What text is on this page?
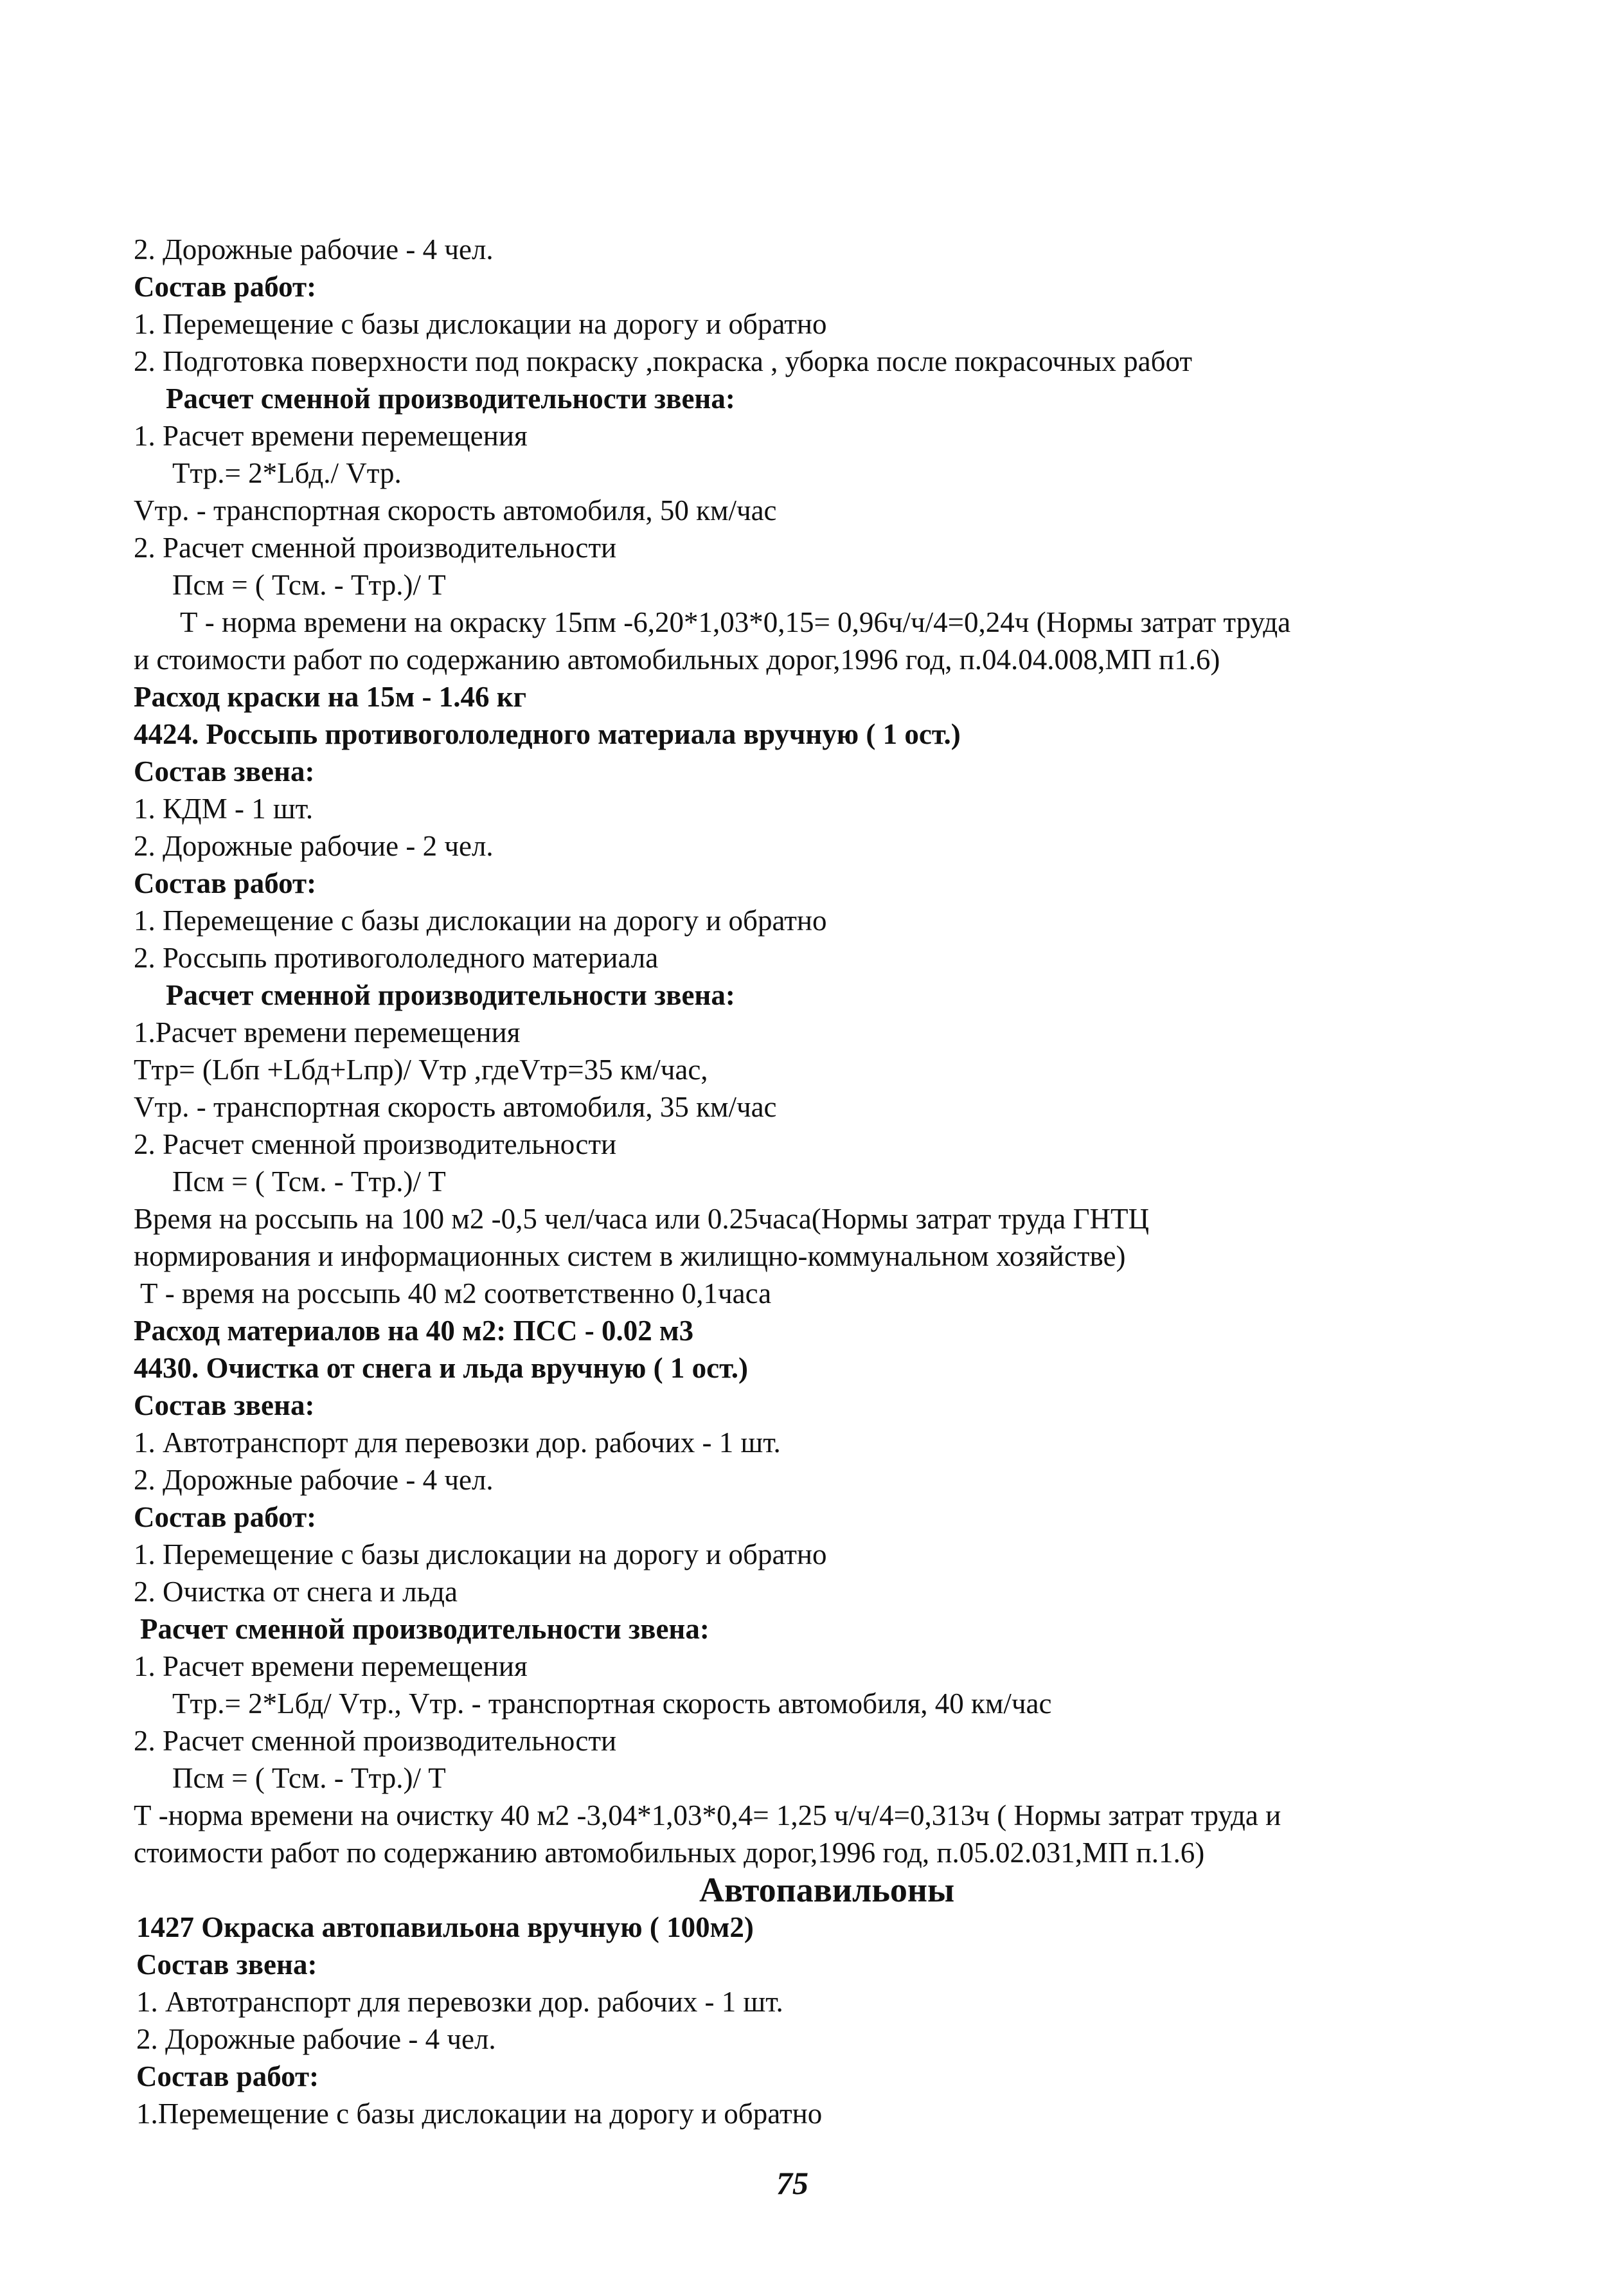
2. Дорожные рабочие - 4 чел.
Состав работ:
1. Перемещение с базы дислокации на дорогу и обратно
2. Подготовка поверхности под покраску ,покраска , уборка после покрасочных работ
Расчет сменной производительности звена:
1. Расчет времени перемещения
Ттр.= 2*Lбд./ Vтр.
Vтр. - транспортная скорость автомобиля, 50 км/час
2. Расчет сменной производительности
Псм = ( Тсм. - Ттр.)/ Т
Т - норма времени на окраску 15пм -6,20*1,03*0,15= 0,96ч/ч/4=0,24ч (Нормы затрат труда
и стоимости работ по содержанию автомобильных дорог,1996 год, п.04.04.008,МП п1.6)
Расход краски на 15м - 1.46 кг
4424. Россыпь противогололедного материала вручную ( 1 ост.)
Состав звена:
1. КДМ - 1 шт.
2. Дорожные рабочие - 2 чел.
Состав работ:
1. Перемещение с базы дислокации на дорогу и обратно
2. Россыпь противогололедного материала
Расчет сменной производительности звена:
1.Расчет времени перемещения
Ттр= (Lбп +Lбд+Lпр)/ Vтр ,гдеVтр=35 км/час,
Vтр. - транспортная скорость автомобиля, 35 км/час
2. Расчет сменной производительности
Псм = ( Тсм. - Ттр.)/ Т
Время на россыпь на 100 м2 -0,5 чел/часа или 0.25часа(Нормы затрат труда ГНТЦ
нормирования и информационных систем в жилищно-коммунальном хозяйстве)
Т - время на россыпь 40 м2 соответственно 0,1часа
Расход материалов на 40 м2: ПСС - 0.02 м3
4430. Очистка от снега и льда вручную ( 1 ост.)
Состав звена:
1. Автотранспорт для перевозки дор. рабочих - 1 шт.
2. Дорожные рабочие - 4 чел.
Состав работ:
1. Перемещение с базы дислокации на дорогу и обратно
2. Очистка от снега и льда
Расчет сменной производительности звена:
1. Расчет времени перемещения
Ттр.= 2*Lбд/ Vтр., Vтр. - транспортная скорость автомобиля, 40 км/час
2. Расчет сменной производительности
Псм = ( Тсм. - Ттр.)/ Т
Т -норма времени на очистку 40 м2 -3,04*1,03*0,4= 1,25 ч/ч/4=0,313ч ( Нормы затрат труда и
стоимости работ по содержанию автомобильных дорог,1996 год, п.05.02.031,МП п.1.6)
Автопавильоны
1427 Окраска автопавильона вручную ( 100м2)
Состав звена:
1. Автотранспорт для перевозки дор. рабочих - 1 шт.
2. Дорожные рабочие - 4 чел.
Состав работ:
1.Перемещение с базы дислокации на дорогу и обратно
75
